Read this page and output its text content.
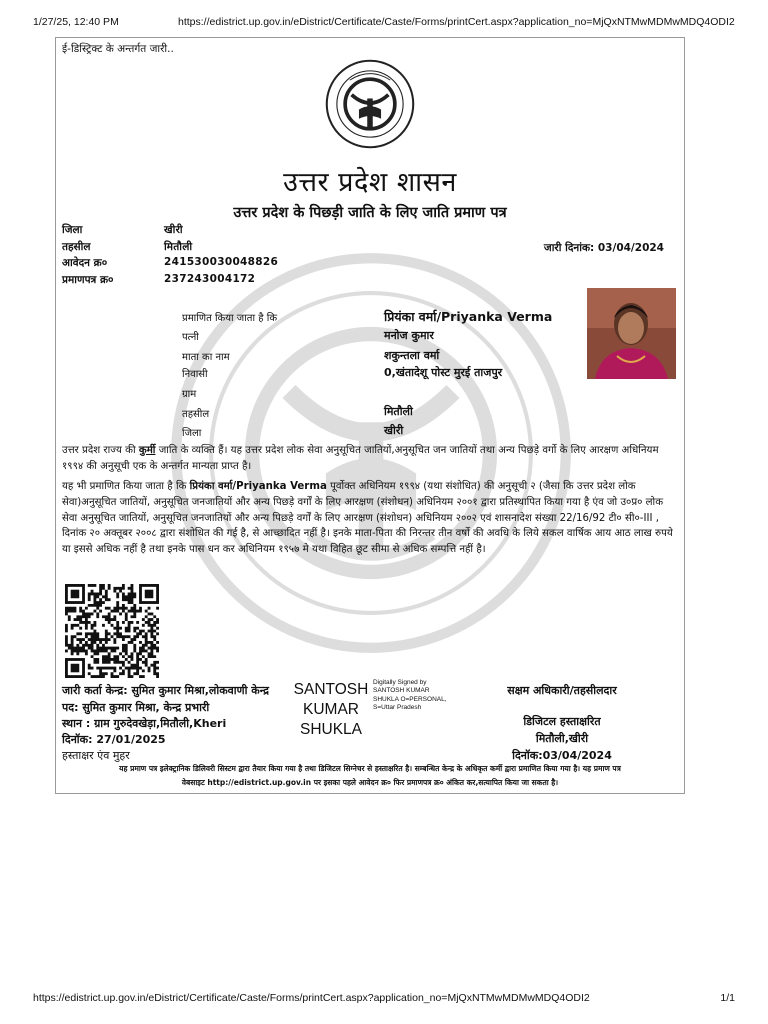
1/27/25, 12:40 PM	https://edistrict.up.gov.in/eDistrict/Certificate/Caste/Forms/printCert.aspx?application_no=MjQxNTMwMDMwMDQ4ODI2
ई-डिस्ट्रिक्ट के अन्तर्गत जारी..
उत्तर प्रदेश शासन
उत्तर प्रदेश के पिछड़ी जाति के लिए जाति प्रमाण पत्र
जिला	खीरी
तहसील	मितौली
आवेदन क्र०	241530030048826
प्रमाणपत्र क्र०	237243004172
जारी दिनांक: 03/04/2024
प्रमाणित किया जाता है कि	प्रियंका वर्मा/Priyanka Verma
पत्नी	मनोज कुमार
माता का नाम	शकुन्तला वर्मा
निवासी	0,खंतादेशू पोस्ट मुरई ताजपुर
ग्राम
तहसील	मितौली
जिला	खीरी
उत्तर प्रदेश राज्य की कुर्मी जाति के व्यक्ति हैं। यह उत्तर प्रदेश लोक सेवा अनुसूचित जातियों,अनुसूचित जन जातियों तथा अन्य पिछड़े वर्गो के लिए आरक्षण अधिनियम १९९४ की अनुसूची एक के अन्तर्गत मान्यता प्राप्त है।
यह भी प्रमाणित किया जाता है कि प्रियंका वर्मा/Priyanka Verma पूर्वोक्त अधिनियम १९९४ (यथा संशोधित) की अनुसूची २ (जैसा कि उत्तर प्रदेश लोक सेवा)अनुसूचित जातियों, अनुसूचित जनजातियों और अन्य पिछड़े वर्गों के लिए आरक्षण (संशोधन) अधिनियम २००१ द्वारा प्रतिस्थापित किया गया है एंव जो उ०प्र० लोक सेवा अनुसूचित जातियों, अनुसूचित जनजातियों और अन्य पिछड़े वर्गों के लिए आरक्षण (संशोधन) अधिनियम २००२ एवं शासनादेश संख्या 22/16/92 टी० सी०-III , दिनांक २० अक्तूबर २००८ द्वारा संशोधित की गई है, से आच्छादित नहीं है। इनके माता-पिता की निरन्तर तीन वर्षो की अवधि के लिये सकल वार्षिक आय आठ लाख रुपये या इससे अधिक नहीं है तथा इनके पास धन कर अधिनियम १९५७ मे यथा विहित छूट सीमा से अधिक सम्पत्ति नहीं है।
जारी कर्ता केन्द्र: सुमित कुमार मिश्रा,लोकवाणी केन्द्र
पद: सुमित कुमार मिश्रा, केन्द्र प्रभारी
स्थान : ग्राम गुरुदेवखेड़ा,मितौली,Kheri
दिनॉक: 27/01/2025
हस्ताक्षर एंव मुहर
SANTOSH
KUMAR
SHUKLA
Digitally Signed by
SANTOSH KUMAR
SHUKLA O=PERSONAL,
S=Uttar Pradesh
सक्षम अधिकारी/तहसीलदार
डिजिटल हस्ताक्षरित
मितौली,खीरी
दिनॉक:03/04/2024
यह प्रमाण पत्र इलेक्ट्रानिक डिलिवरी सिस्टम द्वारा तैयार किया गया है तथा डिजिटल सिग्नेचर से हस्ताक्षरित है। सम्बन्धित केन्द्र के अधिकृत कर्मी द्वारा प्रमाणित किया गया है। यह प्रमाण पत्र
वेबसाइट http://edistrict.up.gov.in पर इसका पहले आवेदन क्र० फिर प्रमाणपत्र क्र० अंकित कर,सत्यापित किया जा सकता है।
https://edistrict.up.gov.in/eDistrict/Certificate/Caste/Forms/printCert.aspx?application_no=MjQxNTMwMDMwMDQ4ODI2	1/1
